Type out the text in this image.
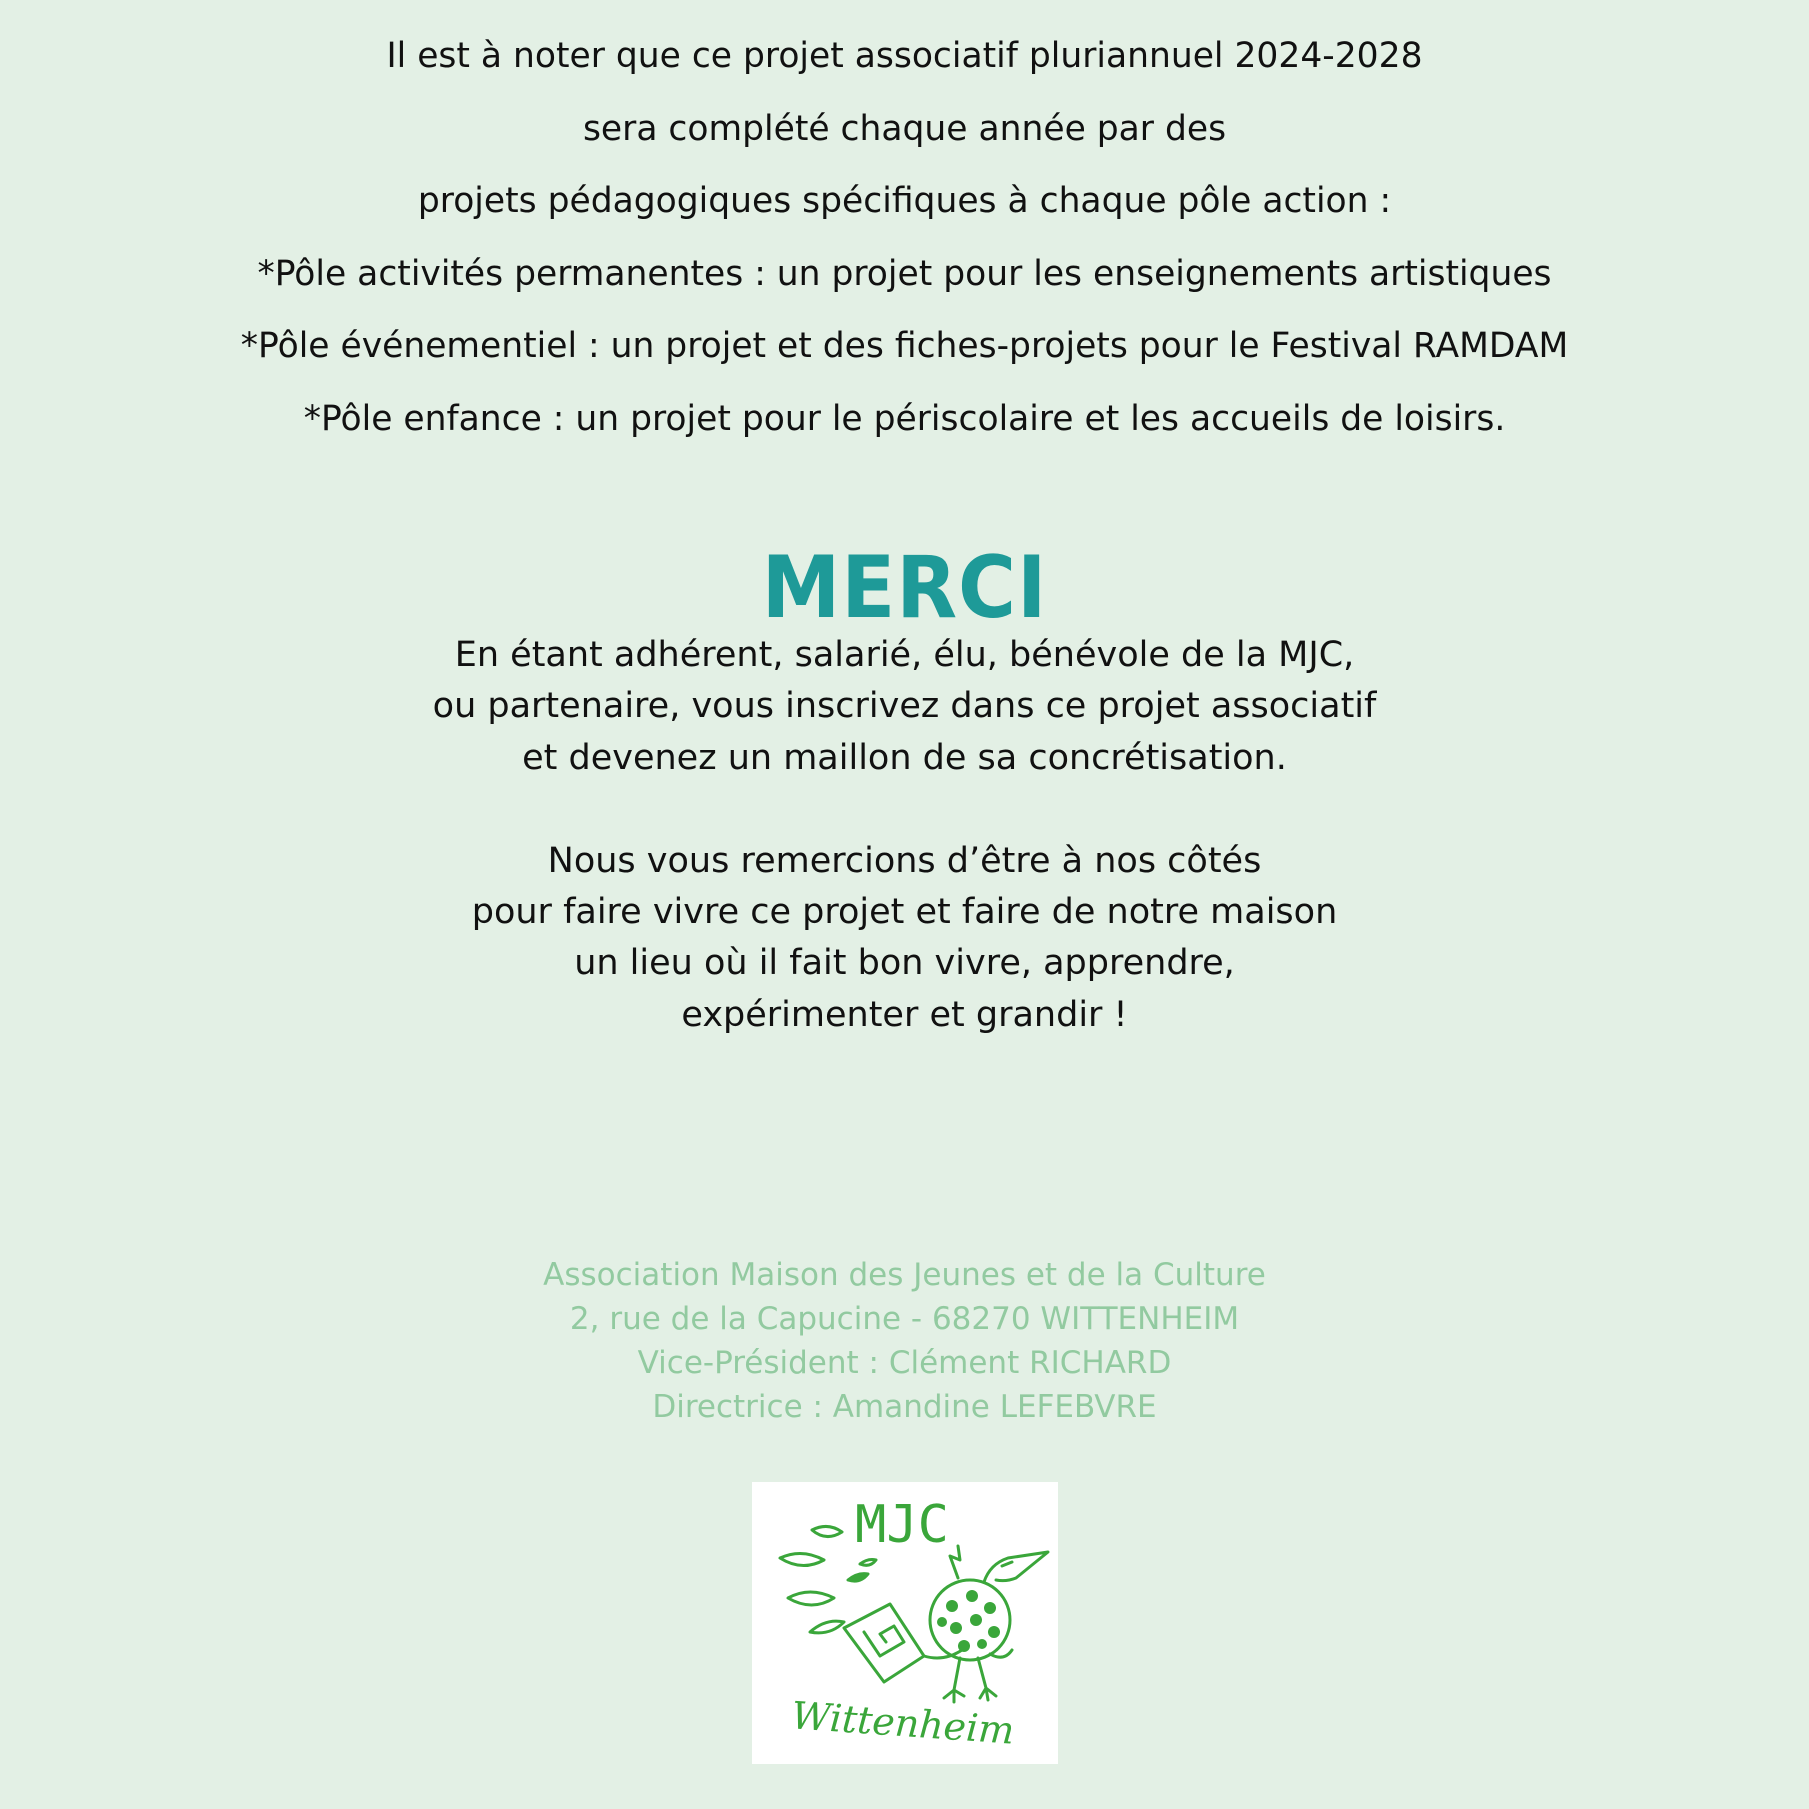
Il est à noter que ce projet associatif pluriannuel 2024-2028
sera complété chaque année par des
projets pédagogiques spécifiques à chaque pôle action :
*Pôle activités permanentes : un projet pour les enseignements artistiques
*Pôle événementiel : un projet et des fiches-projets pour le Festival RAMDAM
*Pôle enfance : un projet pour le périscolaire et les accueils de loisirs.
MERCI
En étant adhérent, salarié, élu, bénévole de la MJC,
ou partenaire, vous inscrivez dans ce projet associatif
et devenez un maillon de sa concrétisation.
Nous vous remercions d’être à nos côtés
pour faire vivre ce projet et faire de notre maison
un lieu où il fait bon vivre, apprendre,
expérimenter et grandir !
Association Maison des Jeunes et de la Culture
2, rue de la Capucine - 68270 WITTENHEIM
Vice-Président : Clément RICHARD
Directrice : Amandine LEFEBVRE
MJC
Wittenheim
